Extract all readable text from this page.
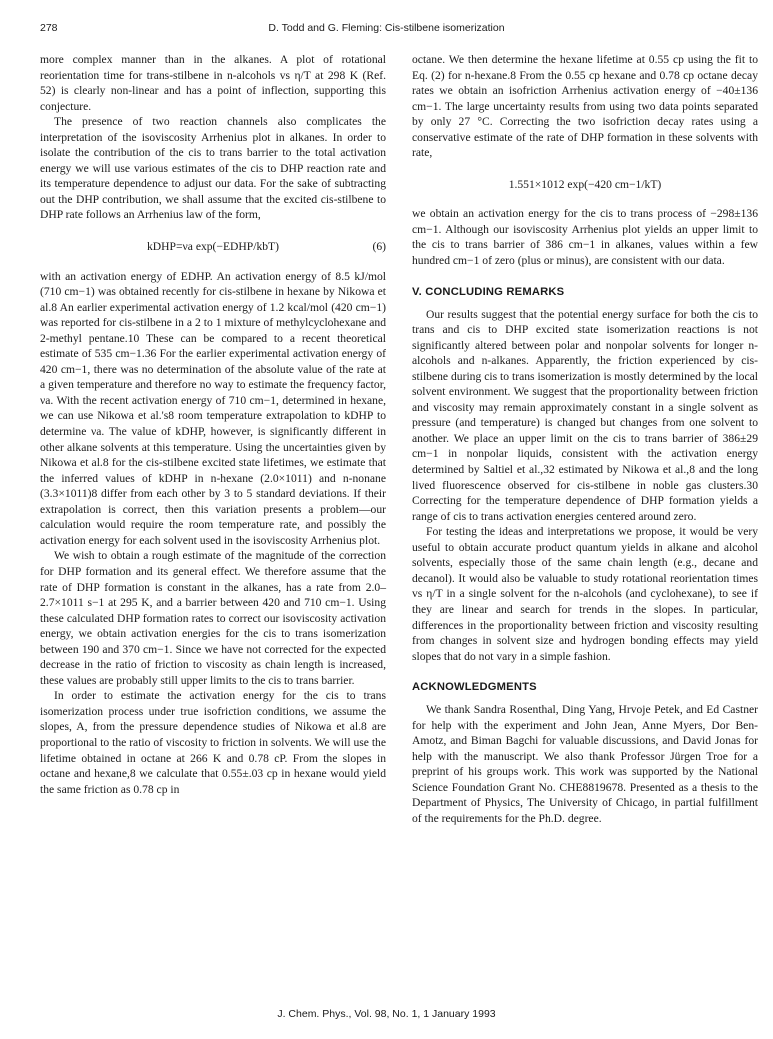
278	D. Todd and G. Fleming: Cis-stilbene isomerization

more complex manner than in the alkanes. A plot of rotational reorientation time for trans-stilbene in n-alcohols vs η/T at 298 K (Ref. 52) is clearly non-linear and has a point of inflection, supporting this conjecture.

The presence of two reaction channels also complicates the interpretation of the isoviscosity Arrhenius plot in alkanes. In order to isolate the contribution of the cis to trans barrier to the total activation energy we will use various estimates of the cis to DHP reaction rate and its temperature dependence to adjust our data. For the sake of subtracting out the DHP contribution, we shall assume that the excited cis-stilbene to DHP rate follows an Arrhenius law of the form,

kDHP=νa exp(−EDHP/kbT)	(6)

with an activation energy of EDHP. An activation energy of 8.5 kJ/mol (710 cm−1) was obtained recently for cis-stilbene in hexane by Nikowa et al.8 An earlier experimental activation energy of 1.2 kcal/mol (420 cm−1) was reported for cis-stilbene in a 2 to 1 mixture of methylcyclohexane and 2-methyl pentane.10 These can be compared to a recent theoretical estimate of 535 cm−1.36 For the earlier experimental activation energy of 420 cm−1, there was no determination of the absolute value of the rate at a given temperature and therefore no way to estimate the frequency factor, νa. With the recent activation energy of 710 cm−1, determined in hexane, we can use Nikowa et al.'s8 room temperature extrapolation to kDHP to determine νa. The value of kDHP, however, is significantly different in other alkane solvents at this temperature. Using the uncertainties given by Nikowa et al.8 for the cis-stilbene excited state lifetimes, we estimate that the inferred values of kDHP in n-hexane (2.0×1011) and n-nonane (3.3×1011)8 differ from each other by 3 to 5 standard deviations. If their extrapolation is correct, then this variation presents a problem—our calculation would require the room temperature rate, and possibly the activation energy for each solvent used in the isoviscosity Arrhenius plot.

We wish to obtain a rough estimate of the magnitude of the correction for DHP formation and its general effect. We therefore assume that the rate of DHP formation is constant in the alkanes, has a rate from 2.0–2.7×1011 s−1 at 295 K, and a barrier between 420 and 710 cm−1. Using these calculated DHP formation rates to correct our isoviscosity activation energy, we obtain activation energies for the cis to trans isomerization between 190 and 370 cm−1. Since we have not corrected for the expected decrease in the ratio of friction to viscosity as chain length is increased, these values are probably still upper limits to the cis to trans barrier.

In order to estimate the activation energy for the cis to trans isomerization process under true isofriction conditions, we assume the slopes, A, from the pressure dependence studies of Nikowa et al.8 are proportional to the ratio of viscosity to friction in solvents. We will use the lifetime obtained in octane at 266 K and 0.78 cP. From the slopes in octane and hexane,8 we calculate that 0.55±.03 cp in hexane would yield the same friction as 0.78 cp in

octane. We then determine the hexane lifetime at 0.55 cp using the fit to Eq. (2) for n-hexane.8 From the 0.55 cp hexane and 0.78 cp octane decay rates we obtain an isofriction Arrhenius activation energy of −40±136 cm−1. The large uncertainty results from using two data points separated by only 27 °C. Correcting the two isofriction decay rates using a conservative estimate of the rate of DHP formation in these solvents with rate,

1.551×1012 exp(−420 cm−1/kT)

we obtain an activation energy for the cis to trans process of −298±136 cm−1. Although our isoviscosity Arrhenius plot yields an upper limit to the cis to trans barrier of 386 cm−1 in alkanes, values within a few hundred cm−1 of zero (plus or minus), are consistent with our data.

V. CONCLUDING REMARKS

Our results suggest that the potential energy surface for both the cis to trans and cis to DHP excited state isomerization reactions is not significantly altered between polar and nonpolar solvents for longer n-alcohols and n-alkanes. Apparently, the friction experienced by cis-stilbene during cis to trans isomerization is mostly determined by the local solvent environment. We suggest that the proportionality between friction and viscosity may remain approximately constant in a single solvent as pressure (and temperature) is changed but changes from one solvent to another. We place an upper limit on the cis to trans barrier of 386±29 cm−1 in nonpolar liquids, consistent with the activation energy determined by Saltiel et al.,32 estimated by Nikowa et al.,8 and the long lived fluorescence observed for cis-stilbene in noble gas clusters.30 Correcting for the temperature dependence of DHP formation yields a range of cis to trans activation energies centered around zero.

For testing the ideas and interpretations we propose, it would be very useful to obtain accurate product quantum yields in alkane and alcohol solvents, especially those of the same chain length (e.g., decane and decanol). It would also be valuable to study rotational reorientation times vs η/T in a single solvent for the n-alcohols (and cyclohexane), to see if they are linear and search for trends in the slopes. In particular, differences in the proportionality between friction and viscosity resulting from changes in solvent size and hydrogen bonding effects may yield slopes that do not vary in a simple fashion.

ACKNOWLEDGMENTS

We thank Sandra Rosenthal, Ding Yang, Hrvoje Petek, and Ed Castner for help with the experiment and John Jean, Anne Myers, Dor Ben-Amotz, and Biman Bagchi for valuable discussions, and David Jonas for help with the manuscript. We also thank Professor Jürgen Troe for a preprint of his groups work. This work was supported by the National Science Foundation Grant No. CHE8819678. Presented as a thesis to the Department of Physics, The University of Chicago, in partial fulfillment of the requirements for the Ph.D. degree.

J. Chem. Phys., Vol. 98, No. 1, 1 January 1993
